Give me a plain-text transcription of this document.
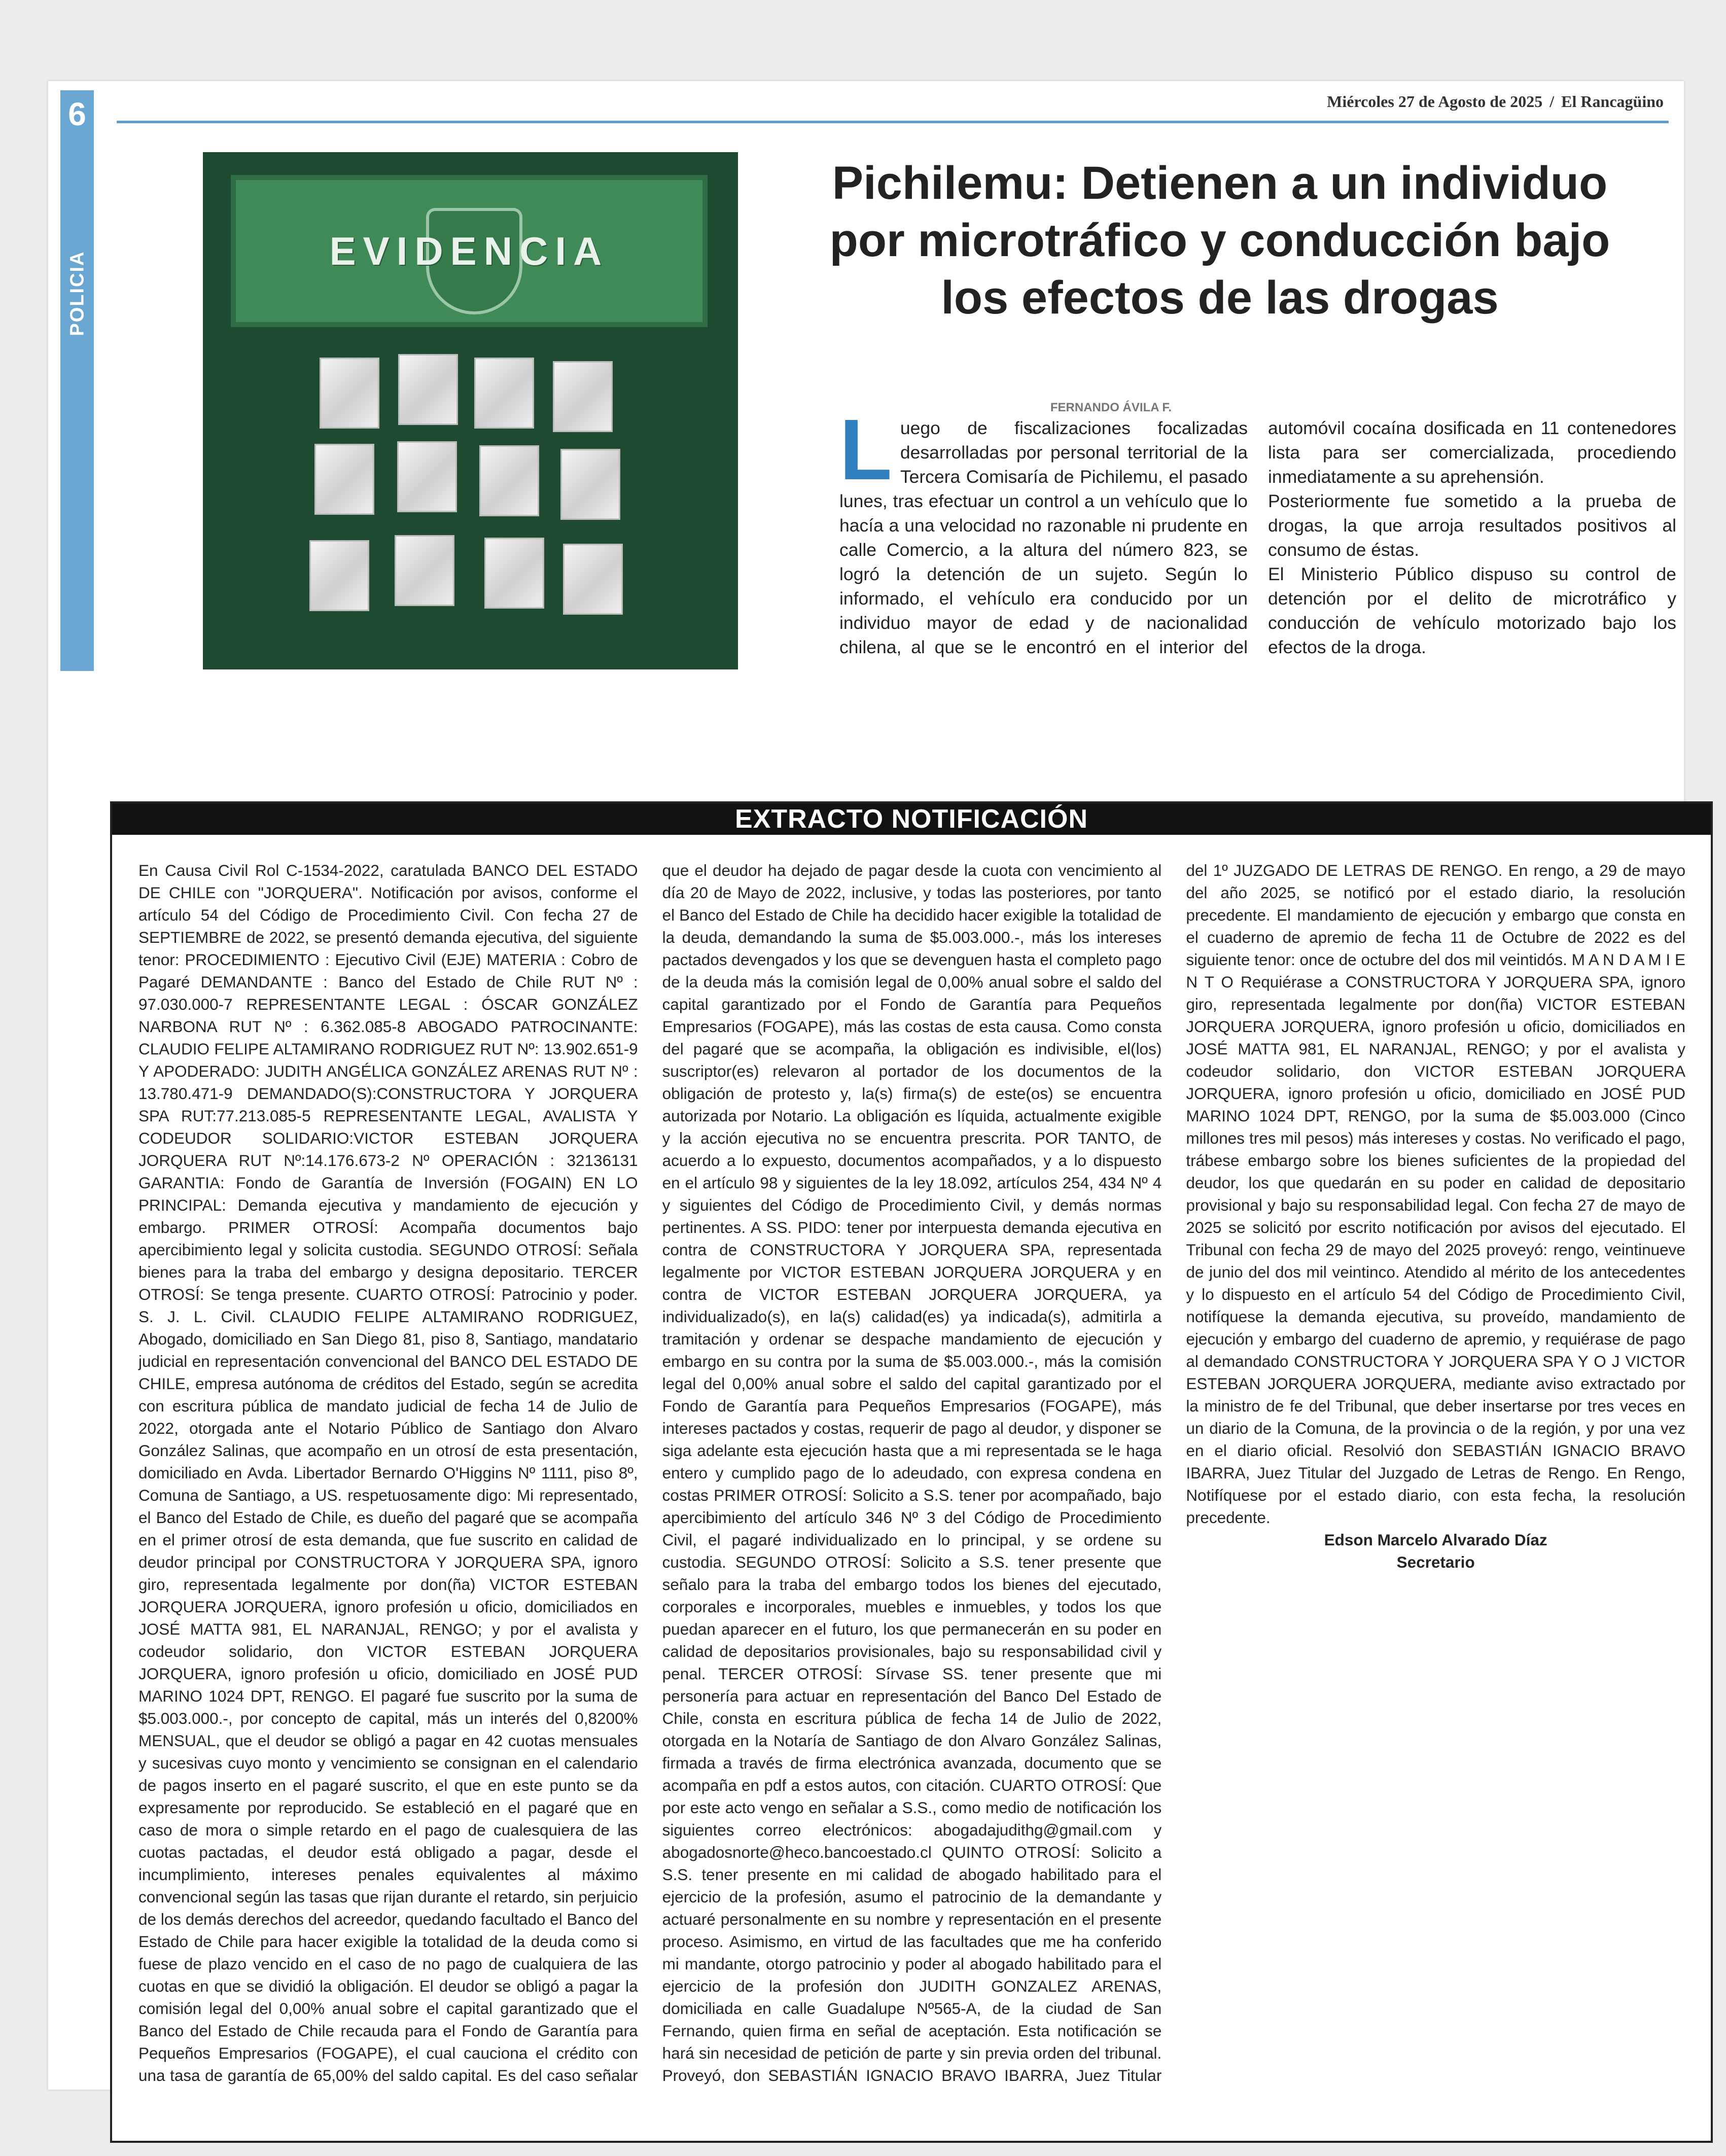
6
POLICIA
Miércoles 27 de Agosto de 2025 / El Rancagüino
EVIDENCIA
Pichilemu: Detienen a un individuo por microtráfico y conducción bajo los efectos de las drogas
FERNANDO ÁVILA F.

Luego de fiscalizaciones focalizadas desarrolladas por personal territorial de la Tercera Comisaría de Pichilemu, el pasado lunes, tras efectuar un control a un vehículo que lo hacía a una velocidad no razonable ni prudente en calle Comercio, a la altura del número 823, se logró la detención de un sujeto. Según lo informado, el vehículo era conducido por un individuo mayor de edad y de nacionalidad chilena, al que se le encontró en el interior del automóvil cocaína dosificada en 11 contenedores lista para ser comercializada, procediendo inmediatamente a su aprehensión.

Posteriormente fue sometido a la prueba de drogas, la que arroja resultados positivos al consumo de éstas.

El Ministerio Público dispuso su control de detención por el delito de microtráfico y conducción de vehículo motorizado bajo los efectos de la droga.

EXTRACTO NOTIFICACIÓN

En Causa Civil Rol C-1534-2022, caratulada BANCO DEL ESTADO DE CHILE con "JORQUERA". Notificación por avisos, conforme el artículo 54 del Código de Procedimiento Civil. Con fecha 27 de SEPTIEMBRE de 2022, se presentó demanda ejecutiva, del siguiente tenor: PROCEDIMIENTO : Ejecutivo Civil (EJE) MATERIA : Cobro de Pagaré DEMANDANTE : Banco del Estado de Chile RUT Nº : 97.030.000-7 REPRESENTANTE LEGAL : ÓSCAR GONZÁLEZ NARBONA RUT Nº : 6.362.085-8 ABOGADO PATROCINANTE: CLAUDIO FELIPE ALTAMIRANO RODRIGUEZ RUT Nº: 13.902.651-9 Y APODERADO: JUDITH ANGÉLICA GONZÁLEZ ARENAS RUT Nº : 13.780.471-9 DEMANDADO(S):CONSTRUCTORA Y JORQUERA SPA RUT:77.213.085-5 REPRESENTANTE LEGAL, AVALISTA Y CODEUDOR SOLIDARIO:VICTOR ESTEBAN JORQUERA JORQUERA RUT Nº:14.176.673-2 Nº OPERACIÓN : 32136131 GARANTIA: Fondo de Garantía de Inversión (FOGAIN) EN LO PRINCIPAL: Demanda ejecutiva y mandamiento de ejecución y embargo. PRIMER OTROSÍ: Acompaña documentos bajo apercibimiento legal y solicita custodia. SEGUNDO OTROSÍ: Señala bienes para la traba del embargo y designa depositario. TERCER OTROSÍ: Se tenga presente. CUARTO OTROSÍ: Patrocinio y poder. S. J. L. Civil. CLAUDIO FELIPE ALTAMIRANO RODRIGUEZ, Abogado, domiciliado en San Diego 81, piso 8, Santiago, mandatario judicial en representación convencional del BANCO DEL ESTADO DE CHILE, empresa autónoma de créditos del Estado, según se acredita con escritura pública de mandato judicial de fecha 14 de Julio de 2022, otorgada ante el Notario Público de Santiago don Alvaro González Salinas, que acompaño en un otrosí de esta presentación, domiciliado en Avda. Libertador Bernardo O'Higgins Nº 1111, piso 8º, Comuna de Santiago, a US. respetuosamente digo: Mi representado, el Banco del Estado de Chile, es dueño del pagaré que se acompaña en el primer otrosí de esta demanda, que fue suscrito en calidad de deudor principal por CONSTRUCTORA Y JORQUERA SPA, ignoro giro, representada legalmente por don(ña) VICTOR ESTEBAN JORQUERA JORQUERA, ignoro profesión u oficio, domiciliados en JOSÉ MATTA 981, EL NARANJAL, RENGO; y por el avalista y codeudor solidario, don VICTOR ESTEBAN JORQUERA JORQUERA, ignoro profesión u oficio, domiciliado en JOSÉ PUD MARINO 1024 DPT, RENGO. El pagaré fue suscrito por la suma de $5.003.000.-, por concepto de capital, más un interés del 0,8200% MENSUAL, que el deudor se obligó a pagar en 42 cuotas mensuales y sucesivas cuyo monto y vencimiento se consignan en el calendario de pagos inserto en el pagaré suscrito, el que en este punto se da expresamente por reproducido. Se estableció en el pagaré que en caso de mora o simple retardo en el pago de cualesquiera de las cuotas pactadas, el deudor está obligado a pagar, desde el incumplimiento, intereses penales equivalentes al máximo convencional según las tasas que rijan durante el retardo, sin perjuicio de los demás derechos del acreedor, quedando facultado el Banco del Estado de Chile para hacer exigible la totalidad de la deuda como si fuese de plazo vencido en el caso de no pago de cualquiera de las cuotas en que se dividió la obligación. El deudor se obligó a pagar la comisión legal del 0,00% anual sobre el capital garantizado que el Banco del Estado de Chile recauda para el Fondo de Garantía para Pequeños Empresarios (FOGAPE), el cual cauciona el crédito con una tasa de garantía de 65,00% del saldo capital. Es del caso señalar que el deudor ha dejado de pagar desde la cuota con vencimiento al día 20 de Mayo de 2022, inclusive, y todas las posteriores, por tanto el Banco del Estado de Chile ha decidido hacer exigible la totalidad de la deuda, demandando la suma de $5.003.000.-, más los intereses pactados devengados y los que se devenguen hasta el completo pago de la deuda más la comisión legal de 0,00% anual sobre el saldo del capital garantizado por el Fondo de Garantía para Pequeños Empresarios (FOGAPE), más las costas de esta causa. Como consta del pagaré que se acompaña, la obligación es indivisible, el(los) suscriptor(es) relevaron al portador de los documentos de la obligación de protesto y, la(s) firma(s) de este(os) se encuentra autorizada por Notario. La obligación es líquida, actualmente exigible y la acción ejecutiva no se encuentra prescrita. POR TANTO, de acuerdo a lo expuesto, documentos acompañados, y a lo dispuesto en el artículo 98 y siguientes de la ley 18.092, artículos 254, 434 Nº 4 y siguientes del Código de Procedimiento Civil, y demás normas pertinentes. A SS. PIDO: tener por interpuesta demanda ejecutiva en contra de CONSTRUCTORA Y JORQUERA SPA, representada legalmente por VICTOR ESTEBAN JORQUERA JORQUERA y en contra de VICTOR ESTEBAN JORQUERA JORQUERA, ya individualizado(s), en la(s) calidad(es) ya indicada(s), admitirla a tramitación y ordenar se despache mandamiento de ejecución y embargo en su contra por la suma de $5.003.000.-, más la comisión legal del 0,00% anual sobre el saldo del capital garantizado por el Fondo de Garantía para Pequeños Empresarios (FOGAPE), más intereses pactados y costas, requerir de pago al deudor, y disponer se siga adelante esta ejecución hasta que a mi representada se le haga entero y cumplido pago de lo adeudado, con expresa condena en costas PRIMER OTROSÍ: Solicito a S.S. tener por acompañado, bajo apercibimiento del artículo 346 Nº 3 del Código de Procedimiento Civil, el pagaré individualizado en lo principal, y se ordene su custodia. SEGUNDO OTROSÍ: Solicito a S.S. tener presente que señalo para la traba del embargo todos los bienes del ejecutado, corporales e incorporales, muebles e inmuebles, y todos los que puedan aparecer en el futuro, los que permanecerán en su poder en calidad de depositarios provisionales, bajo su responsabilidad civil y penal. TERCER OTROSÍ: Sírvase SS. tener presente que mi personería para actuar en representación del Banco Del Estado de Chile, consta en escritura pública de fecha 14 de Julio de 2022, otorgada en la Notaría de Santiago de don Alvaro González Salinas, firmada a través de firma electrónica avanzada, documento que se acompaña en pdf a estos autos, con citación. CUARTO OTROSÍ: Que por este acto vengo en señalar a S.S., como medio de notificación los siguientes correo electrónicos: abogadajudithg@gmail.com y abogadosnorte@heco.bancoestado.cl QUINTO OTROSÍ: Solicito a S.S. tener presente en mi calidad de abogado habilitado para el ejercicio de la profesión, asumo el patrocinio de la demandante y actuaré personalmente en su nombre y representación en el presente proceso. Asimismo, en virtud de las facultades que me ha conferido mi mandante, otorgo patrocinio y poder al abogado habilitado para el ejercicio de la profesión don JUDITH GONZALEZ ARENAS, domiciliada en calle Guadalupe Nº565-A, de la ciudad de San Fernando, quien firma en señal de aceptación. Esta notificación se hará sin necesidad de petición de parte y sin previa orden del tribunal. Proveyó, don SEBASTIÁN IGNACIO BRAVO IBARRA, Juez Titular del 1º JUZGADO DE LETRAS DE RENGO. En rengo, a 29 de mayo del año 2025, se notificó por el estado diario, la resolución precedente. El mandamiento de ejecución y embargo que consta en el cuaderno de apremio de fecha 11 de Octubre de 2022 es del siguiente tenor: once de octubre del dos mil veintidós. M A N D A M I E N T O Requiérase a CONSTRUCTORA Y JORQUERA SPA, ignoro giro, representada legalmente por don(ña) VICTOR ESTEBAN JORQUERA JORQUERA, ignoro profesión u oficio, domiciliados en JOSÉ MATTA 981, EL NARANJAL, RENGO; y por el avalista y codeudor solidario, don VICTOR ESTEBAN JORQUERA JORQUERA, ignoro profesión u oficio, domiciliado en JOSÉ PUD MARINO 1024 DPT, RENGO, por la suma de $5.003.000 (Cinco millones tres mil pesos) más intereses y costas. No verificado el pago, trábese embargo sobre los bienes suficientes de la propiedad del deudor, los que quedarán en su poder en calidad de depositario provisional y bajo su responsabilidad legal. Con fecha 27 de mayo de 2025 se solicitó por escrito notificación por avisos del ejecutado. El Tribunal con fecha 29 de mayo del 2025 proveyó: rengo, veintinueve de junio del dos mil veintinco. Atendido al mérito de los antecedentes y lo dispuesto en el artículo 54 del Código de Procedimiento Civil, notifíquese la demanda ejecutiva, su proveído, mandamiento de ejecución y embargo del cuaderno de apremio, y requiérase de pago al demandado CONSTRUCTORA Y JORQUERA SPA Y O J VICTOR ESTEBAN JORQUERA JORQUERA, mediante aviso extractado por la ministro de fe del Tribunal, que deber insertarse por tres veces en un diario de la Comuna, de la provincia o de la región, y por una vez en el diario oficial. Resolvió don SEBASTIÁN IGNACIO BRAVO IBARRA, Juez Titular del Juzgado de Letras de Rengo. En Rengo, Notifíquese por el estado diario, con esta fecha, la resolución precedente.

Edson Marcelo Alvarado Díaz
Secretario
